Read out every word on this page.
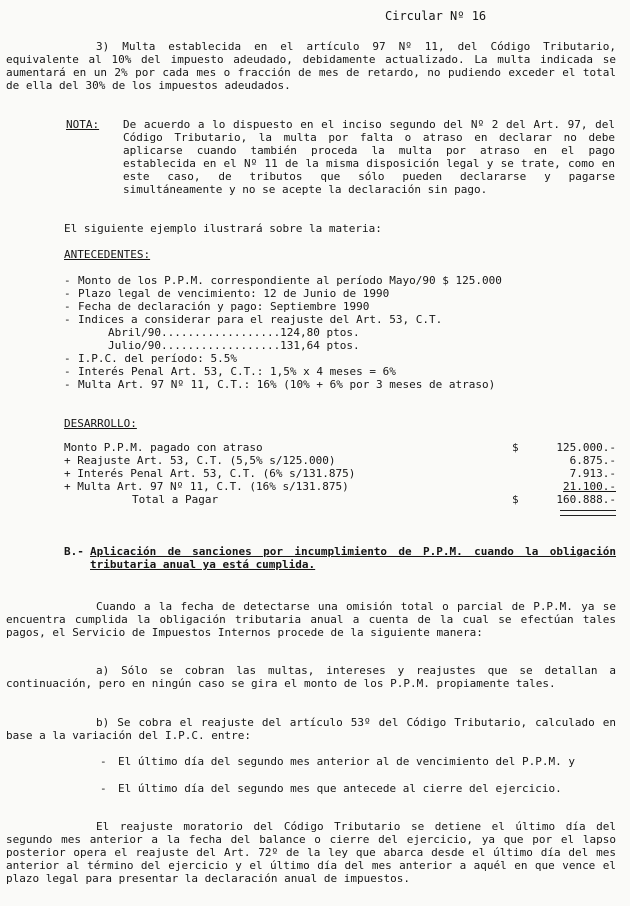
Circular Nº 16
3) Multa establecida en el artículo 97 Nº 11, del Código Tributario, equivalente al 10% del impuesto adeudado, debidamente actualizado. La multa indicada se aumentará en un 2% por cada mes o fracción de mes de retardo, no pudiendo exceder el total de ella del 30% de los impuestos adeudados.
NOTA: De acuerdo a lo dispuesto en el inciso segundo del Nº 2 del Art. 97, del Código Tributario, la multa por falta o atraso en declarar no debe aplicarse cuando también proceda la multa por atraso en el pago establecida en el Nº 11 de la misma disposición legal y se trate, como en este caso, de tributos que sólo pueden declararse y pagarse simultáneamente y no se acepte la declaración sin pago.
El siguiente ejemplo ilustrará sobre la materia:
ANTECEDENTES:
- Monto de los P.P.M. correspondiente al período Mayo/90 $ 125.000
- Plazo legal de vencimiento: 12 de Junio de 1990
- Fecha de declaración y pago: Septiembre 1990
- Indices a considerar para el reajuste del Art. 53, C.T.
Abril/90..................124,80 ptos.
Julio/90..................131,64 ptos.
- I.P.C. del período: 5.5%
- Interés Penal Art. 53, C.T.: 1,5% x 4 meses = 6%
- Multa Art. 97 Nº 11, C.T.: 16% (10% + 6% por 3 meses de atraso)
DESARROLLO:
Monto P.P.M. pagado con atraso	$	125.000.-
+ Reajuste Art. 53, C.T. (5,5% s/125.000)	6.875.-
+ Interés Penal Art. 53, C.T. (6% s/131.875)	7.913.-
+ Multa Art. 97 Nº 11, C.T. (16% s/131.875)	21.100.-
Total a Pagar	$	160.888.-
B.- Aplicación de sanciones por incumplimiento de P.P.M. cuando la obligación tributaria anual ya está cumplida.
Cuando a la fecha de detectarse una omisión total o parcial de P.P.M. ya se encuentra cumplida la obligación tributaria anual a cuenta de la cual se efectúan tales pagos, el Servicio de Impuestos Internos procede de la siguiente manera:
a) Sólo se cobran las multas, intereses y reajustes que se detallan a continuación, pero en ningún caso se gira el monto de los P.P.M. propiamente tales.
b) Se cobra el reajuste del artículo 53º del Código Tributario, calculado en base a la variación del I.P.C. entre:
- El último día del segundo mes anterior al de vencimiento del P.P.M. y
- El último día del segundo mes que antecede al cierre del ejercicio.
El reajuste moratorio del Código Tributario se detiene el último día del segundo mes anterior a la fecha del balance o cierre del ejercicio, ya que por el lapso posterior opera el reajuste del Art. 72º de la ley que abarca desde el último día del mes anterior al término del ejercicio y el último día del mes anterior a aquél en que vence el plazo legal para presentar la declaración anual de impuestos.
